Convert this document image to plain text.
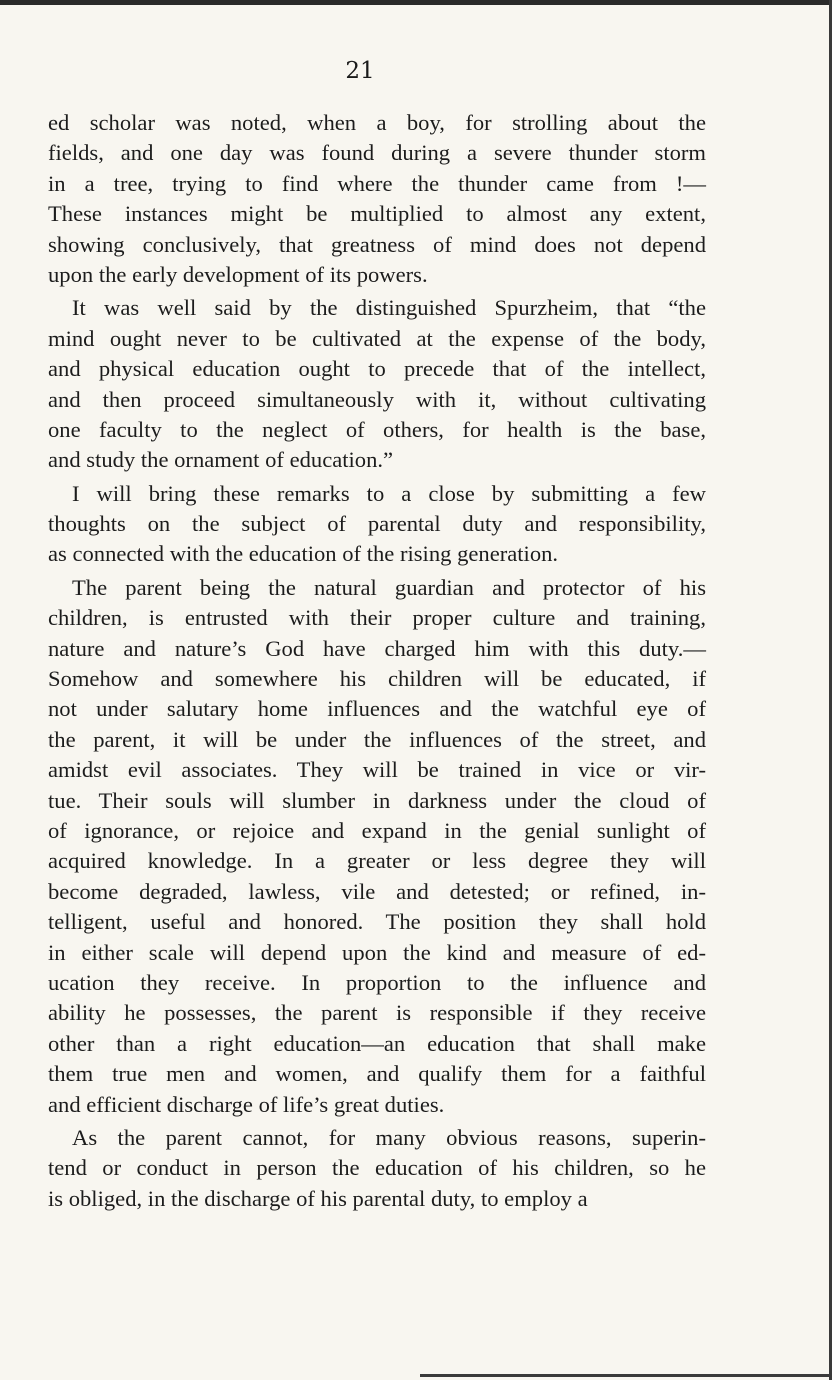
21

ed scholar was noted, when a boy, for strolling about the
fields, and one day was found during a severe thunder storm
in a tree, trying to find where the thunder came from !—
These instances might be multiplied to almost any extent,
showing conclusively, that greatness of mind does not depend
upon the early development of its powers.
It was well said by the distinguished Spurzheim, that “the
mind ought never to be cultivated at the expense of the body,
and physical education ought to precede that of the intellect,
and then proceed simultaneously with it, without cultivating
one faculty to the neglect of others, for health is the base,
and study the ornament of education.”
I will bring these remarks to a close by submitting a few
thoughts on the subject of parental duty and responsibility,
as connected with the education of the rising generation.
The parent being the natural guardian and protector of his
children, is entrusted with their proper culture and training,
nature and nature’s God have charged him with this duty.—
Somehow and somewhere his children will be educated, if
not under salutary home influences and the watchful eye of
the parent, it will be under the influences of the street, and
amidst evil associates. They will be trained in vice or vir-
tue. Their souls will slumber in darkness under the cloud of
of ignorance, or rejoice and expand in the genial sunlight of
acquired knowledge. In a greater or less degree they will
become degraded, lawless, vile and detested; or refined, in-
telligent, useful and honored. The position they shall hold
in either scale will depend upon the kind and measure of ed-
ucation they receive. In proportion to the influence and
ability he possesses, the parent is responsible if they receive
other than a right education—an education that shall make
them true men and women, and qualify them for a faithful
and efficient discharge of life’s great duties.
As the parent cannot, for many obvious reasons, superin-
tend or conduct in person the education of his children, so he
is obliged, in the discharge of his parental duty, to employ a
